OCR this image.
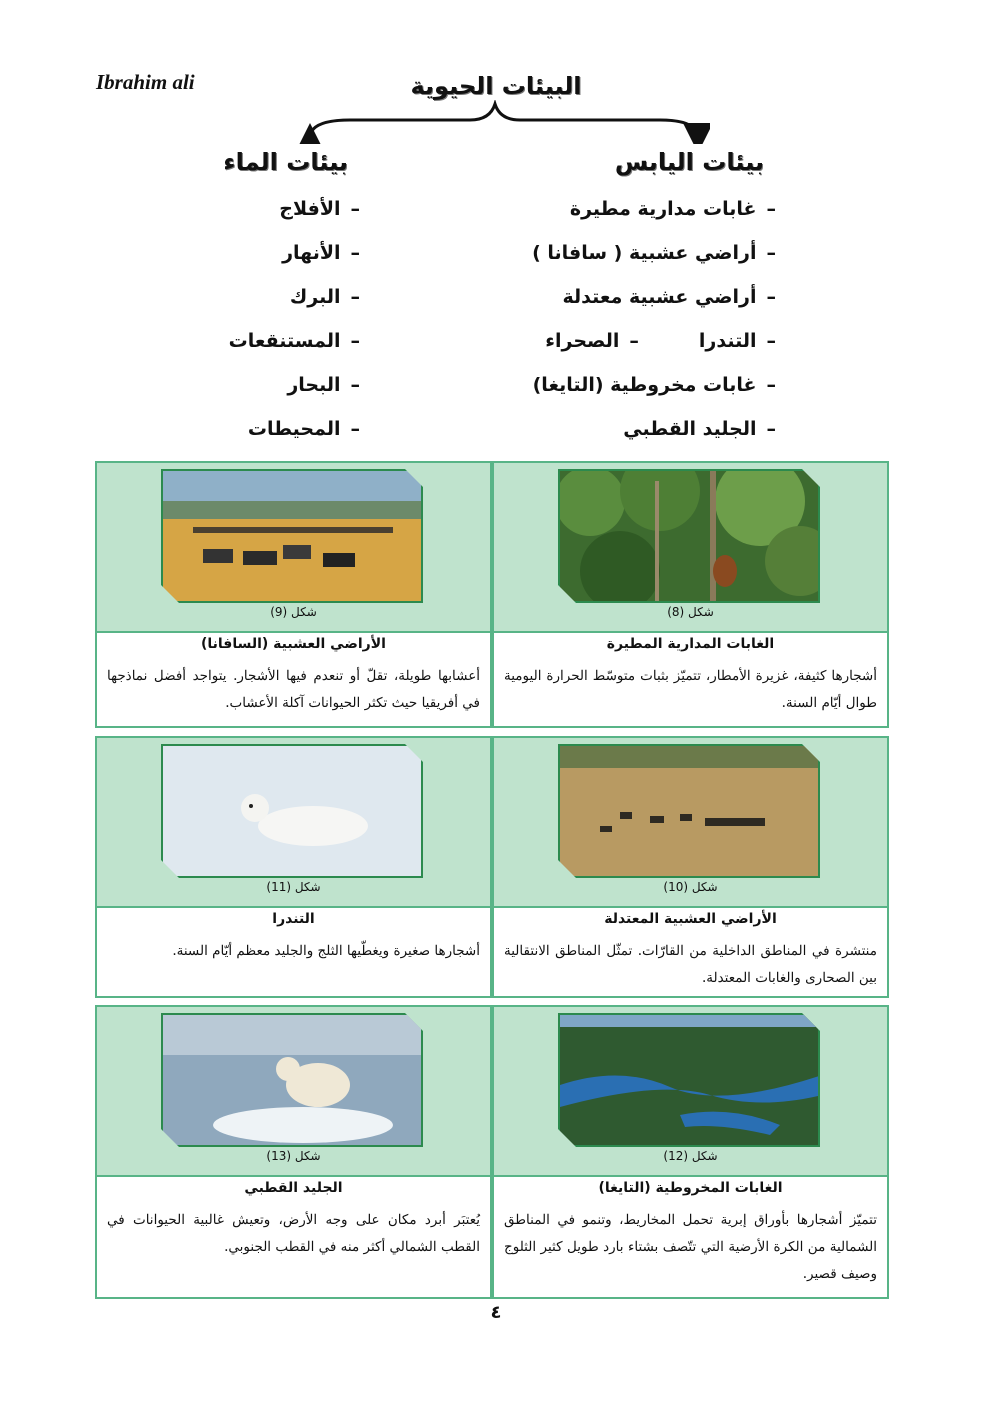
Ibrahim ali	البيئات الحيوية
بيئات اليابس
بيئات الماء
–غابات مدارية مطيرة
–أراضي عشبية ( سافانا )
–أراضي عشبية معتدلة
–التندرا–الصحراء
–غابات مخروطية (التايغا)
–الجليد القطبي
–الأفلاج
–الأنهار
–البرك
–المستنقعات
–البحار
–المحيطات
شكل (8)
الغابات المدارية المطيرة
أشجارها كثيفة، غزيرة الأمطار، تتميّز بثبات متوسّط الحرارة اليومية طوال أيّام السنة.
شكل (9)
الأراضي العشبية (السافانا)
أعشابها طويلة، تقلّ أو تنعدم فيها الأشجار. يتواجد أفضل نماذجها في أفريقيا حيث تكثر الحيوانات آكلة الأعشاب.
شكل (10)
الأراضي العشبية المعتدلة
منتشرة في المناطق الداخلية من القارّات. تمثّل المناطق الانتقالية بين الصحارى والغابات المعتدلة.
شكل (11)
التندرا
أشجارها صغيرة ويغطّيها الثلج والجليد معظم أيّام السنة.
شكل (12)
الغابات المخروطية (التايغا)
تتميّز أشجارها بأوراق إبرية تحمل المخاريط، وتنمو في المناطق الشمالية من الكرة الأرضية التي تتّصف بشتاء بارد طويل كثير الثلوج وصيف قصير.
شكل (13)
الجليد القطبي
يُعتبَر أبرد مكان على وجه الأرض، وتعيش غالبية الحيوانات في القطب الشمالي أكثر منه في القطب الجنوبي.
٤
